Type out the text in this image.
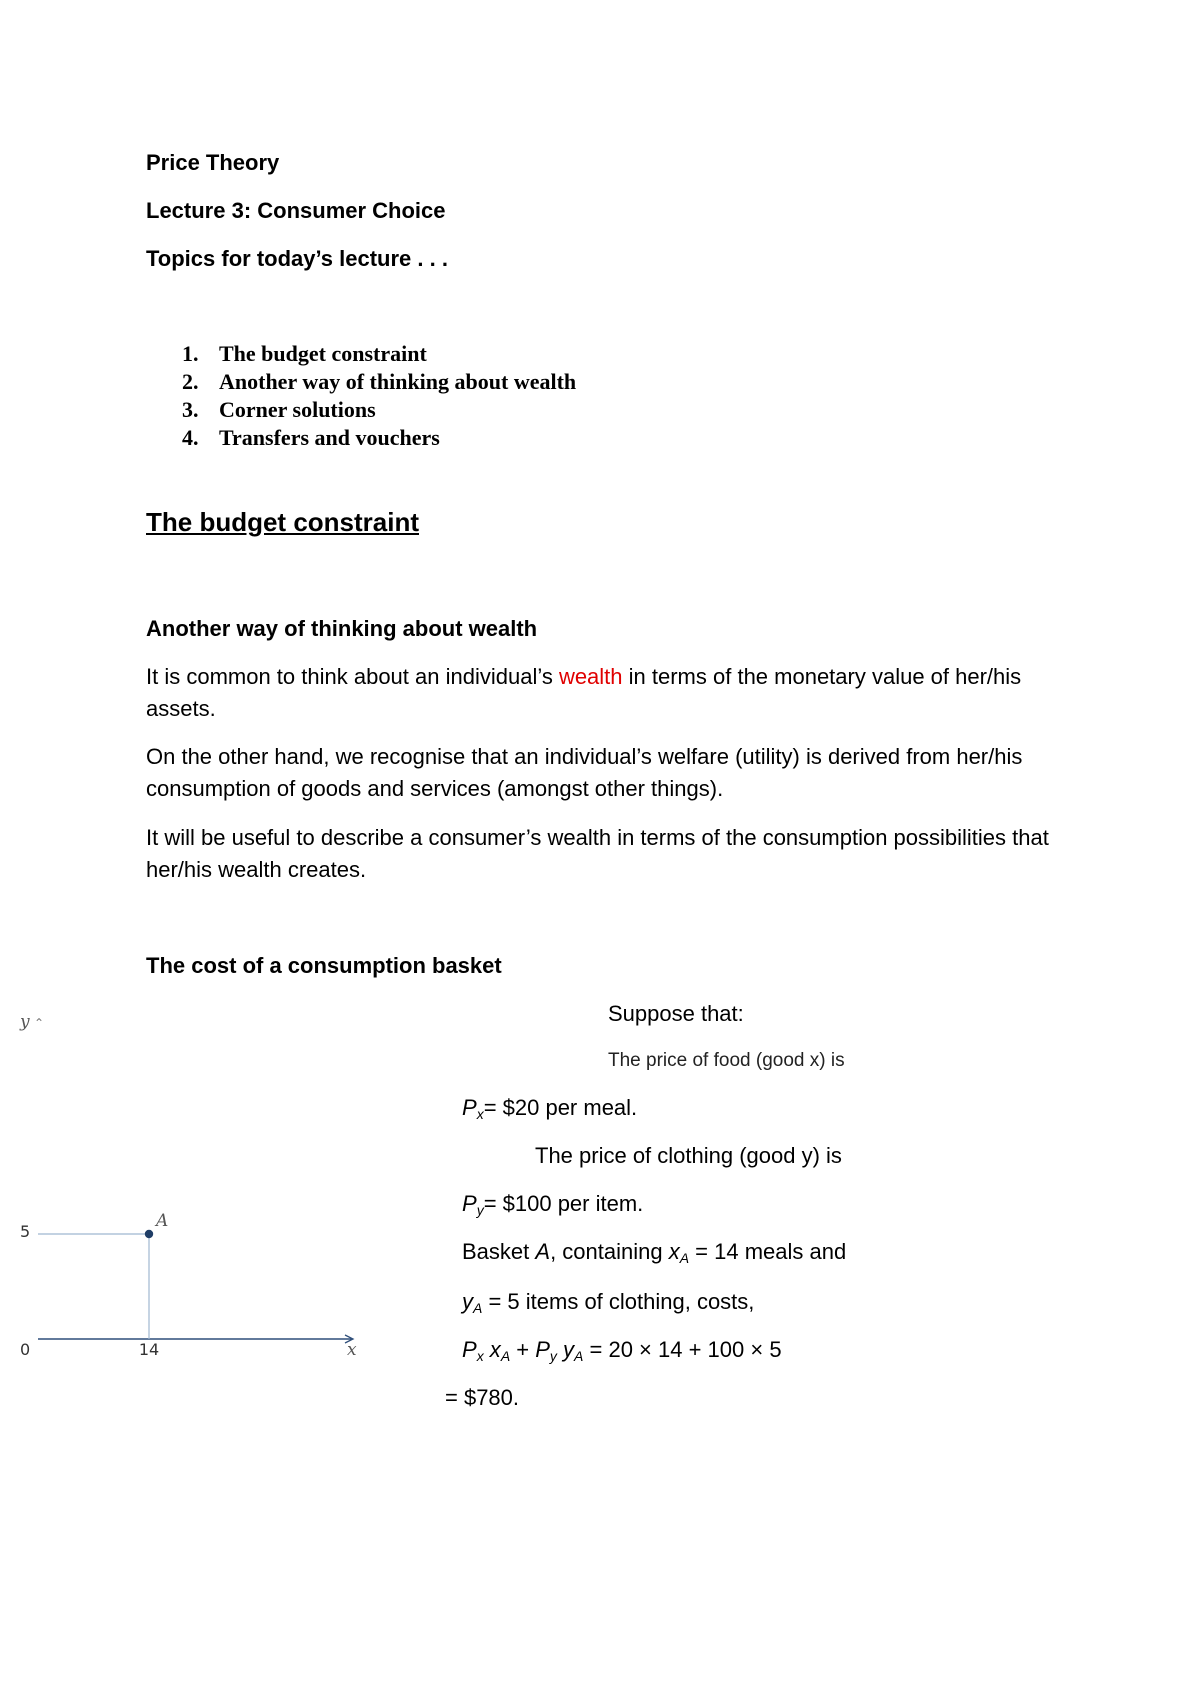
Price Theory
Lecture 3: Consumer Choice
Topics for today’s lecture . . .
1. The budget constraint
2. Another way of thinking about wealth
3. Corner solutions
4. Transfers and vouchers
The budget constraint
Another way of thinking about wealth
It is common to think about an individual’s wealth in terms of the monetary value of her/his assets.
On the other hand, we recognise that an individual’s welfare (utility) is derived from her/his consumption of goods and services (amongst other things).
It will be useful to describe a consumer’s wealth in terms of the consumption possibilities that her/his wealth creates.
The cost of a consumption basket
Suppose that:
The price of food (good x) is
$P_x=$ $20 per meal.
The price of clothing (good y) is
$P_y=$ $100 per item.
Basket A, containing $x_A = 14$ meals and
$y_A = 5$ items of clothing, costs,
$P_x$ $x_A + P_y$ $y_A = 20 \times 14 + 100 \times 5$
= $780.
y ⌃
A
5
0	14	x
